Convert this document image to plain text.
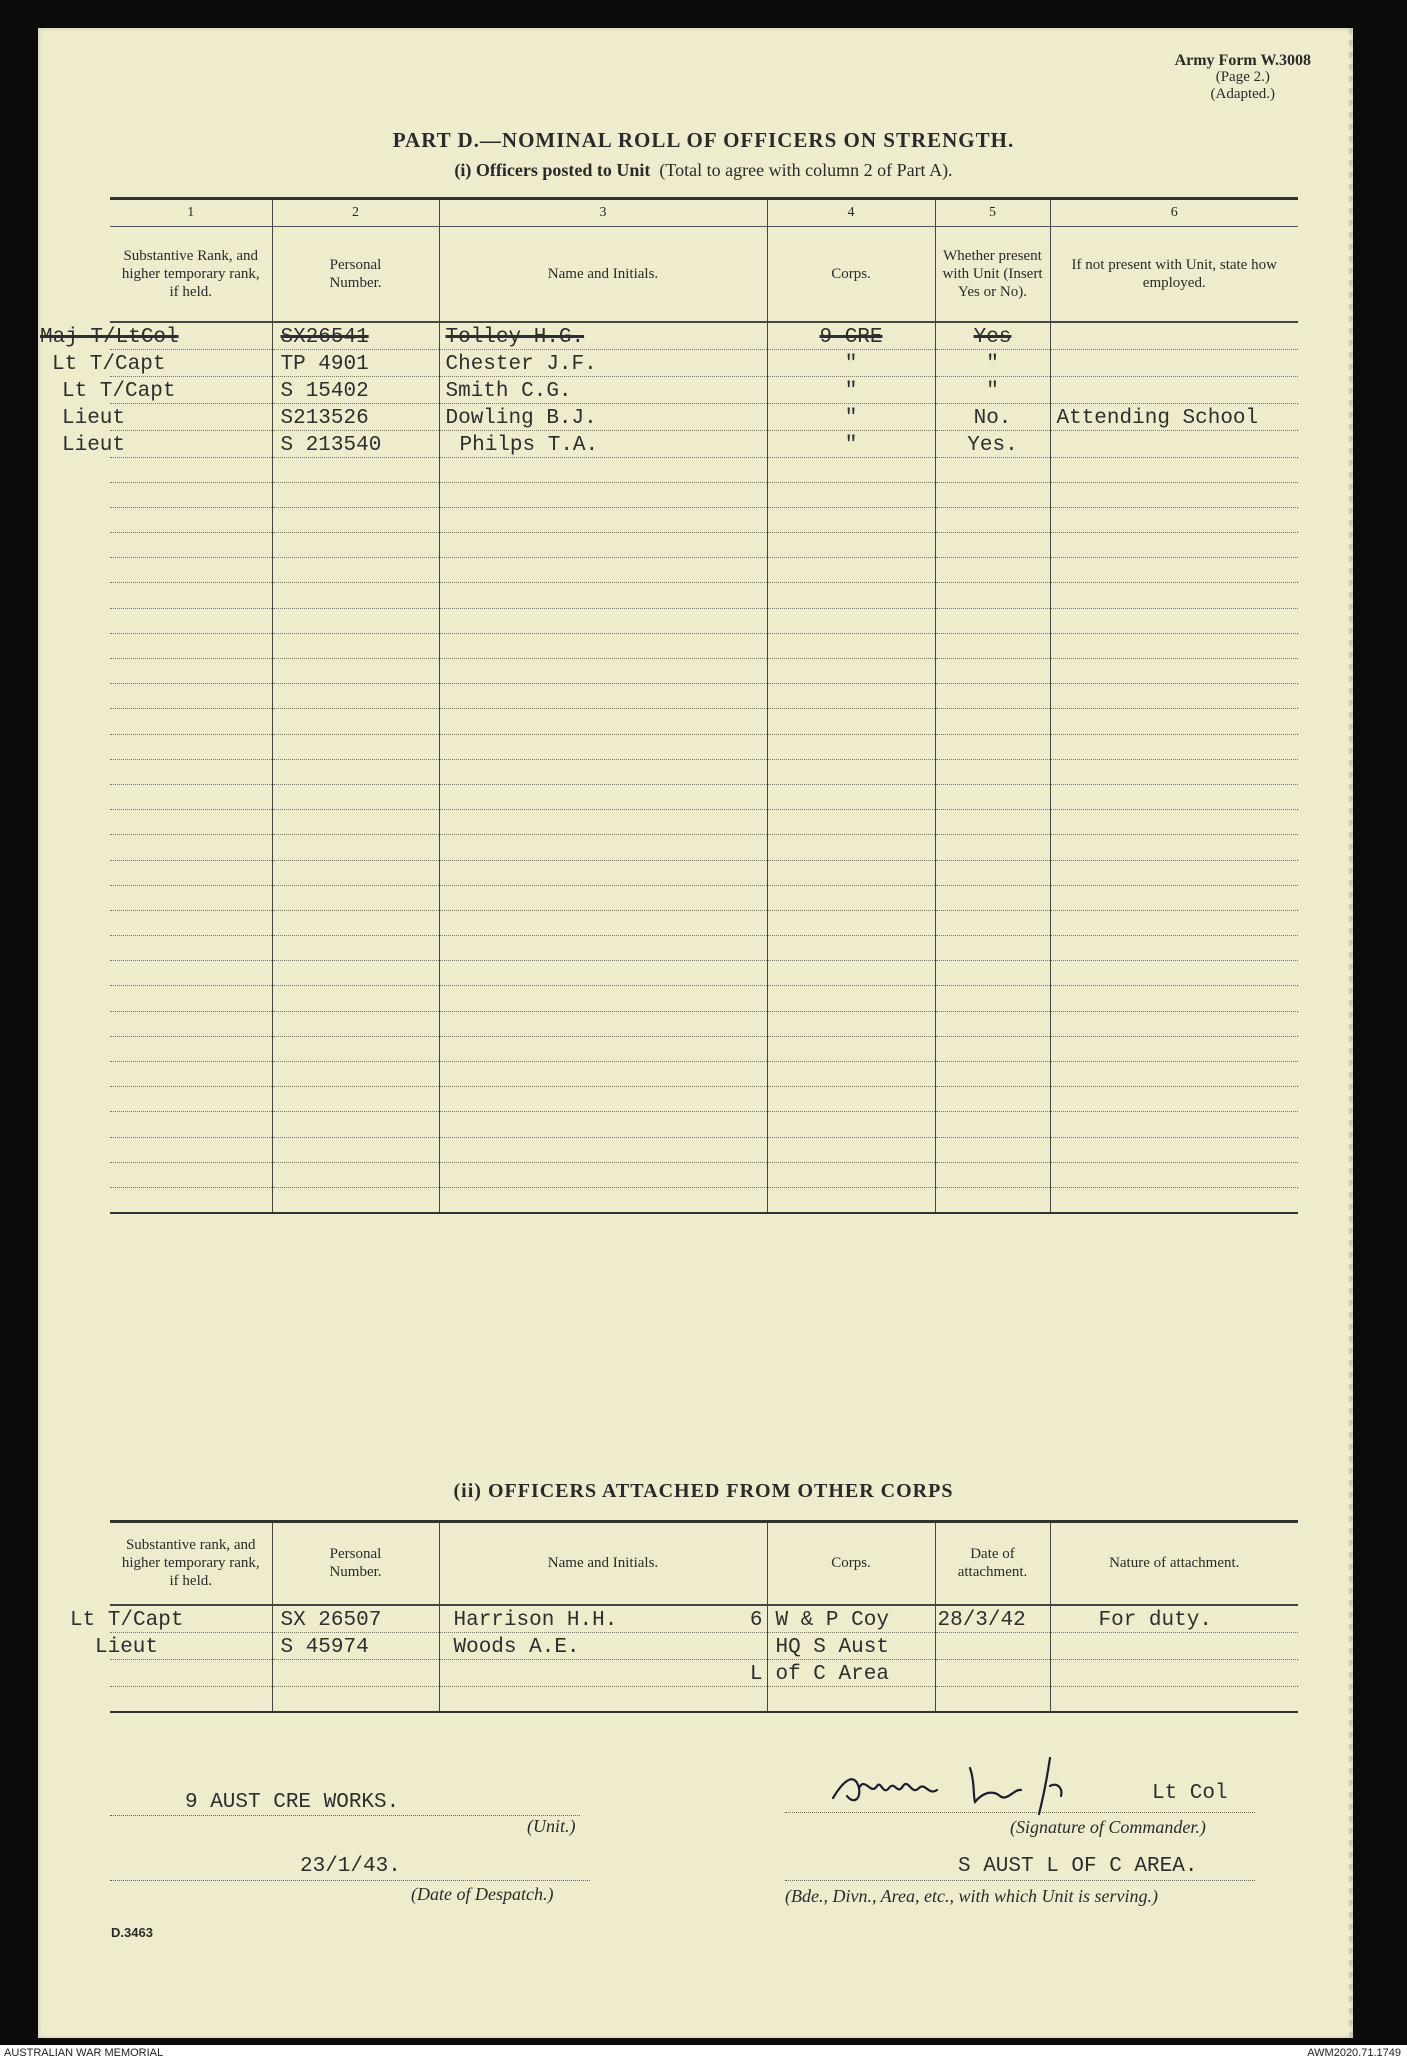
Army Form W.3008
(Page 2.)
(Adapted.)
PART D.—NOMINAL ROLL OF OFFICERS ON STRENGTH.
(i) Officers posted to Unit (Total to agree with column 2 of Part A).
1	2	3	4	5	6
Substantive Rank, and higher temporary rank, if held.	Personal Number.	Name and Initials.	Corps.	Whether present with Unit (Insert Yes or No).	If not present with Unit, state how employed.
Maj T/LtCol	SX26541	Tolley H.G.	9 CRE	Yes	
Lt T/Capt	TP 4901	Chester J.F.	"	"	
Lt T/Capt	S 15402	Smith C.G.	"	"	
Lieut	S213526	Dowling B.J.	"	No.	Attending School
Lieut	S 213540	Philps T.A.	"	Yes.	

(ii) OFFICERS ATTACHED FROM OTHER CORPS
Substantive rank, and higher temporary rank, if held.	Personal Number.	Name and Initials.	Corps.	Date of attachment.	Nature of attachment.
Lt T/Capt	SX 26507	Harrison H.H. 6	W & P Coy	28/3/42	For duty.
Lieut	S 45974	Woods A.E.	HQ S Aust		

		L	of C Area		

9 AUST CRE WORKS.
(Unit.)
23/1/43.
(Date of Despatch.)
Lt Col
(Signature of Commander.)
S AUST L OF C AREA.
(Bde., Divn., Area, etc., with which Unit is serving.)
D.3463
AUSTRALIAN WAR MEMORIAL	AWM2020.71.1749
